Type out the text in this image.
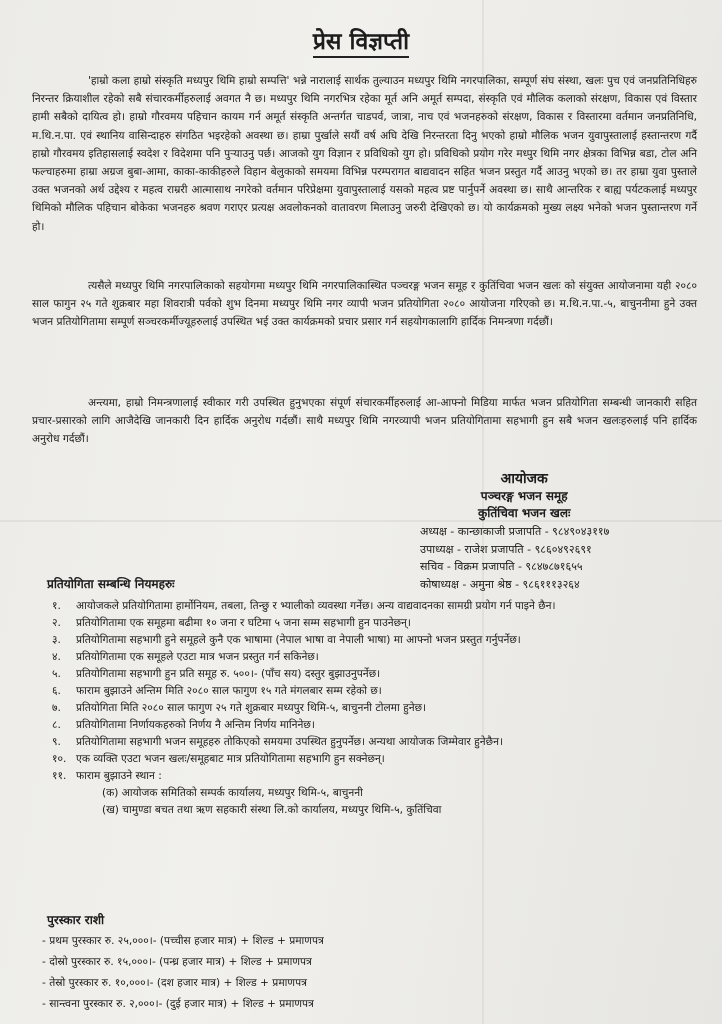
प्रेस विज्ञप्ती

'हाम्रो कला हाम्रो संस्कृति मध्यपुर थिमि हाम्रो सम्पत्ति' भन्ने नारालाई सार्थक तुल्याउन मध्यपुर थिमि नगरपालिका, सम्पूर्ण संघ संस्था, खलः पुच एवं जनप्रतिनिधिहरु निरन्तर क्रियाशील रहेको सबै संचारकर्मीहरुलाई अवगत नै छ। मध्यपुर थिमि नगरभित्र रहेका मूर्त अनि अमूर्त सम्पदा, संस्कृति एवं मौलिक कलाको संरक्षण, विकास एवं विस्तार हामी सबैको दायित्व हो। हाम्रो गौरवमय पहिचान कायम गर्न अमूर्त संस्कृति अन्तर्गत चाडपर्व, जात्रा, नाच एवं भजनहरुको संरक्षण, विकास र विस्तारमा वर्तमान जनप्रतिनिधि, म.थि.न.पा. एवं स्थानिय वासिन्दाहरु संगठित भइरहेको अवस्था छ। हाम्रा पुर्खाले सयौं वर्ष अघि देखि निरन्तरता दिनु भएको हाम्रो मौलिक भजन युवापुस्तालाई हस्तान्तरण गर्दै हाम्रो गौरवमय इतिहासलाई स्वदेश र विदेशमा पनि पुऱ्याउनु पर्छ। आजको युग विज्ञान र प्रविधिको युग हो। प्रविधिको प्रयोग गरेर मध्पुर थिमि नगर क्षेत्रका विभिन्न बडा, टोल अनि फल्चाहरुमा हाम्रा अग्रज बुबा-आमा, काका-काकीहरुले विहान बेलुकाको समयमा विभिन्न परम्परागत बाद्यवादन सहित भजन प्रस्तुत गर्दै आउनु भएको छ। तर हाम्रा युवा पुस्ताले उक्त भजनको अर्थ उद्देश्य र महत्व राम्ररी आत्मासाथ नगरेको वर्तमान परिप्रेक्षमा युवापुस्तालाई यसको महत्व प्रष्ट पार्नुपर्ने अवस्था छ। साथै आन्तरिक र बाह्य पर्यटकलाई मध्यपुर थिमिको मौलिक पहिचान बोकेका भजनहरु श्रवण गराएर प्रत्यक्ष अवलोकनको वातावरण मिलाउनु जरुरी देखिएको छ। यो कार्यक्रमको मुख्य लक्ष्य भनेको भजन पुस्तान्तरण गर्ने हो।

त्यसैले मध्यपुर थिमि नगरपालिकाको सहयोगमा मध्यपुर थिमि नगरपालिकास्थित पञ्चरङ्ग भजन समूह र कुतिंचिवा भजन खलः को संयुक्त आयोजनामा यही २०८० साल फागुन २५ गते शुक्रबार महा शिवरात्री पर्वको शुभ दिनमा मध्यपुर थिमि नगर व्यापी भजन प्रतियोगिता २०८० आयोजना गरिएको छ। म.थि.न.पा.-५, बाचुननीमा हुने उक्त भजन प्रतियोगितामा सम्पूर्ण सञ्चरकर्मीज्यूहरुलाई उपस्थित भई उक्त कार्यक्रमको प्रचार प्रसार गर्न सहयोगकालागि हार्दिक निमन्त्रणा गर्दछौं।

अन्त्यमा, हाम्रो निमन्त्रणालाई स्वीकार गरी उपस्थित हुनुभएका संपूर्ण संचारकर्मीहरुलाई आ-आफ्नो मिडिया मार्फत भजन प्रतियोगिता सम्बन्धी जानकारी सहित प्रचार-प्रसारको लागि आजैदेखि जानकारी दिन हार्दिक अनुरोध गर्दछौं। साथै मध्यपुर थिमि नगरव्यापी भजन प्रतियोगितामा सहभागी हुन सबै भजन खलःहरुलाई पनि हार्दिक अनुरोध गर्दछौं।

आयोजक
पञ्चरङ्ग भजन समूह
कुतिंचिवा भजन खलः
अध्यक्ष - कान्छाकाजी प्रजापति - ९८४९०४३११७
उपाध्यक्ष - राजेश प्रजापति - ९८६०४९२६९१
सचिव - विक्रम प्रजापति - ९८४७८७१६५५
कोषाध्यक्ष - अमुना श्रेष्ठ - ९८६१११३२६४
प्रतियोगिता सम्बन्धि नियमहरुः
१. आयोजकले प्रतियोगितामा हार्मोनियम, तबला, तिन्छु र भ्यालीको व्यवस्था गर्नेछ। अन्य वाद्यवादनका सामग्री प्रयोग गर्न पाइने छैन।
२. प्रतियोगितामा एक समूहमा बढीमा १० जना र घटिमा ५ जना सम्म सहभागी हुन पाउनेछन्।
३. प्रतियोगितामा सहभागी हुने समूहले कुनै एक भाषामा (नेपाल भाषा वा नेपाली भाषा) मा आफ्नो भजन प्रस्तुत गर्नुपर्नेछ।
४. प्रतियोगितामा एक समूहले एउटा मात्र भजन प्रस्तुत गर्न सकिनेछ।
५. प्रतियोगितामा सहभागी हुन प्रति समूह रु. ५००।- (पाँच सय) दस्तुर बुझाउनुपर्नेछ।
६. फाराम बुझाउने अन्तिम मिति २०८० साल फागुण १५ गते मंगलबार सम्म रहेको छ।
७. प्रतियोगिता मिति २०८० साल फागुण २५ गते शुक्रबार मध्यपुर थिमि-५, बाचुननी टोलमा हुनेछ।
८. प्रतियोगितामा निर्णायकहरुको निर्णय नै अन्तिम निर्णय मानिनेछ।
९. प्रतियोगितामा सहभागी भजन समूहहरु तोकिएको समयमा उपस्थित हुनुपर्नेछ। अन्यथा आयोजक जिम्मेवार हुनेछैन।
१०. एक व्यक्ति एउटा भजन खलः/समूहबाट मात्र प्रतियोगितामा सहभागि हुन सक्नेछन्।
११. फाराम बुझाउने स्थान :
(क) आयोजक समितिको सम्पर्क कार्यालय, मध्यपुर थिमि-५, बाचुननी
(ख) चामुण्डा बचत तथा ऋण सहकारी संस्था लि.को कार्यालय, मध्यपुर थिमि-५, कुतिंचिवा
पुरस्कार राशी
- प्रथम पुरस्कार रु. २५,०००।- (पच्चीस हजार मात्र) + शिल्ड + प्रमाणपत्र
- दोस्रो पुरस्कार रु. १५,०००।- (पन्ध्र हजार मात्र) + शिल्ड + प्रमाणपत्र
- तेस्रो पुरस्कार रु. १०,०००।- (दश हजार मात्र) + शिल्ड + प्रमाणपत्र
- सान्त्वना पुरस्कार रु. २,०००।- (दुई हजार मात्र) + शिल्ड + प्रमाणपत्र
